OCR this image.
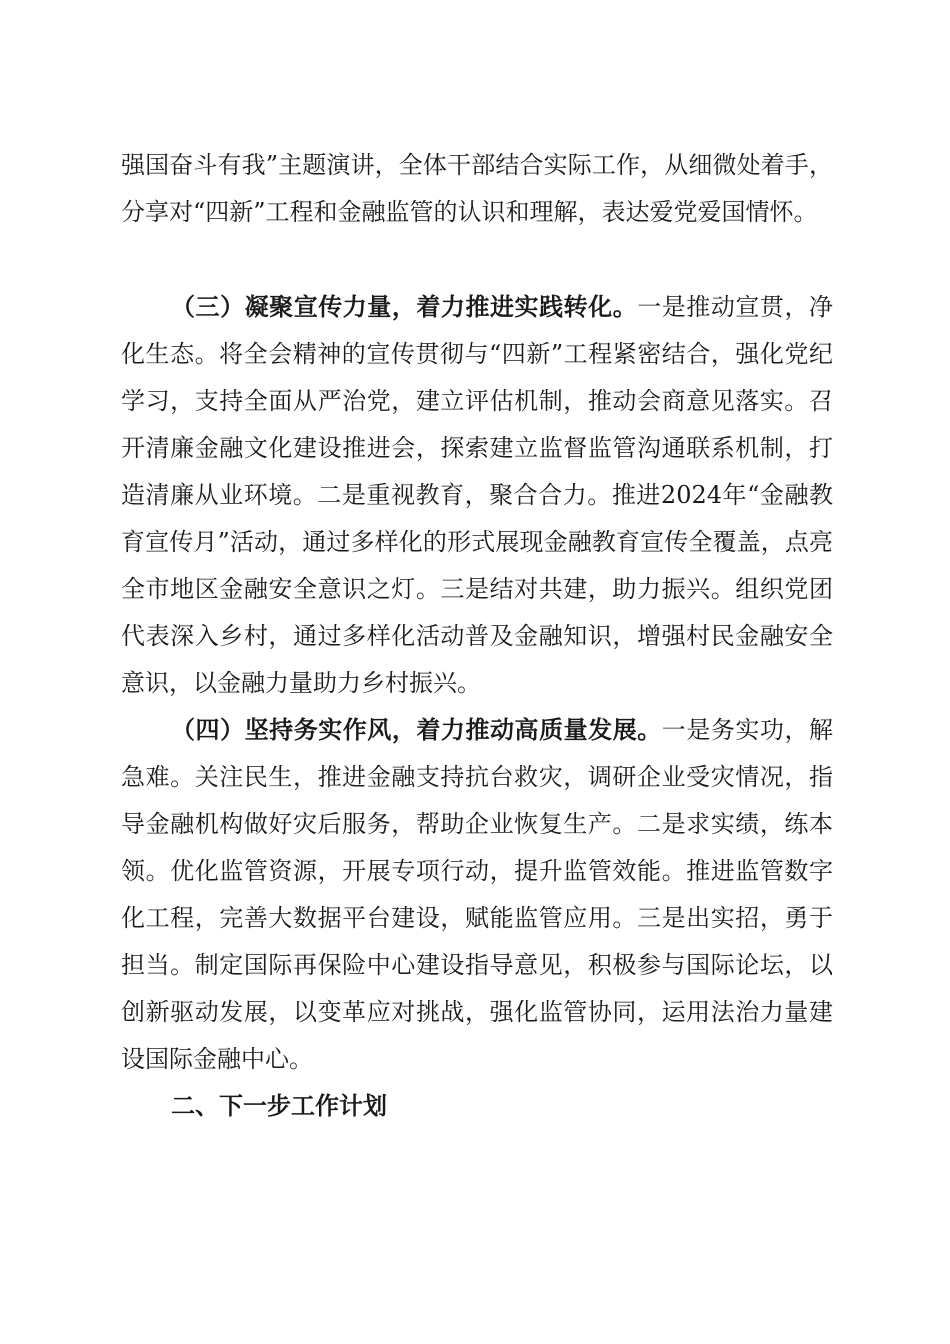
强国奋斗有我”主题演讲，全体干部结合实际工作，从细微处着手，分享对“四新”工程和金融监管的认识和理解，表达爱党爱国情怀。

（三）凝聚宣传力量，着力推进实践转化。一是推动宣贯，净化生态。将全会精神的宣传贯彻与“四新”工程紧密结合，强化党纪学习，支持全面从严治党，建立评估机制，推动会商意见落实。召开清廉金融文化建设推进会，探索建立监督监管沟通联系机制，打造清廉从业环境。二是重视教育，聚合合力。推进2024年“金融教育宣传月”活动，通过多样化的形式展现金融教育宣传全覆盖，点亮全市地区金融安全意识之灯。三是结对共建，助力振兴。组织党团代表深入乡村，通过多样化活动普及金融知识，增强村民金融安全意识，以金融力量助力乡村振兴。

（四）坚持务实作风，着力推动高质量发展。一是务实功，解急难。关注民生，推进金融支持抗台救灾，调研企业受灾情况，指导金融机构做好灾后服务，帮助企业恢复生产。二是求实绩，练本领。优化监管资源，开展专项行动，提升监管效能。推进监管数字化工程，完善大数据平台建设，赋能监管应用。三是出实招，勇于担当。制定国际再保险中心建设指导意见，积极参与国际论坛，以创新驱动发展，以变革应对挑战，强化监管协同，运用法治力量建设国际金融中心。

二、下一步工作计划
